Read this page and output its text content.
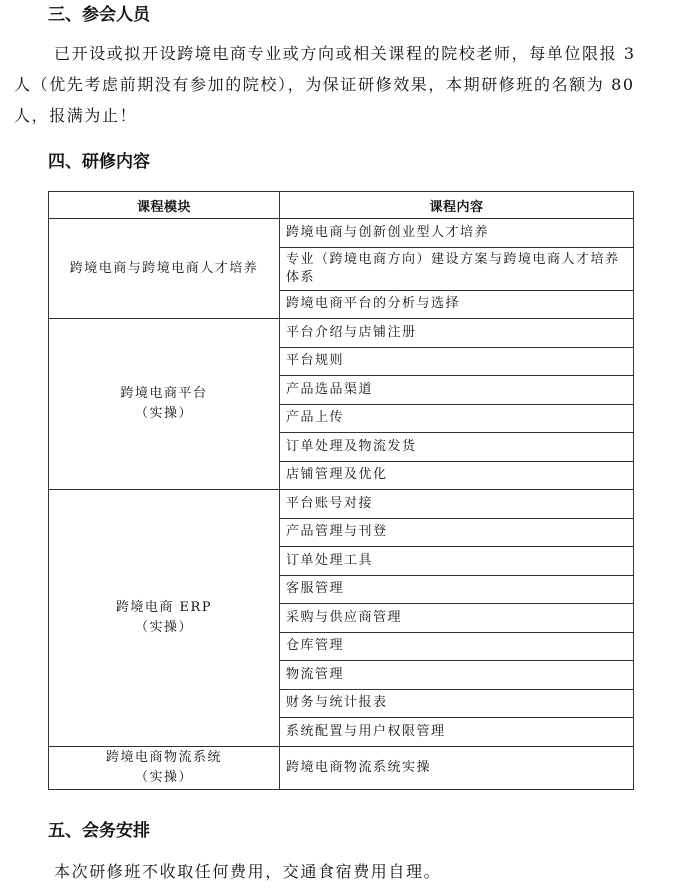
三、参会人员
已开设或拟开设跨境电商专业或方向或相关课程的院校老师，每单位限报 3
人（优先考虑前期没有参加的院校），为保证研修效果，本期研修班的名额为 80
人，报满为止！
四、研修内容
课程模块	课程内容
跨境电商与跨境电商人才培养	跨境电商与创新创业型人才培养
	专业（跨境电商方向）建设方案与跨境电商人才培养体系
	跨境电商平台的分析与选择

跨境电商平台
（实操）	平台介绍与店铺注册
	平台规则
	产品选品渠道
	产品上传
	订单处理及物流发货
	店铺管理及优化

跨境电商 ERP
（实操）	平台账号对接
	产品管理与刊登
	订单处理工具
	客服管理
	采购与供应商管理
	仓库管理
	物流管理
	财务与统计报表
	系统配置与用户权限管理

跨境电商物流系统
（实操）	跨境电商物流系统实操
五、会务安排
本次研修班不收取任何费用，交通食宿费用自理。
